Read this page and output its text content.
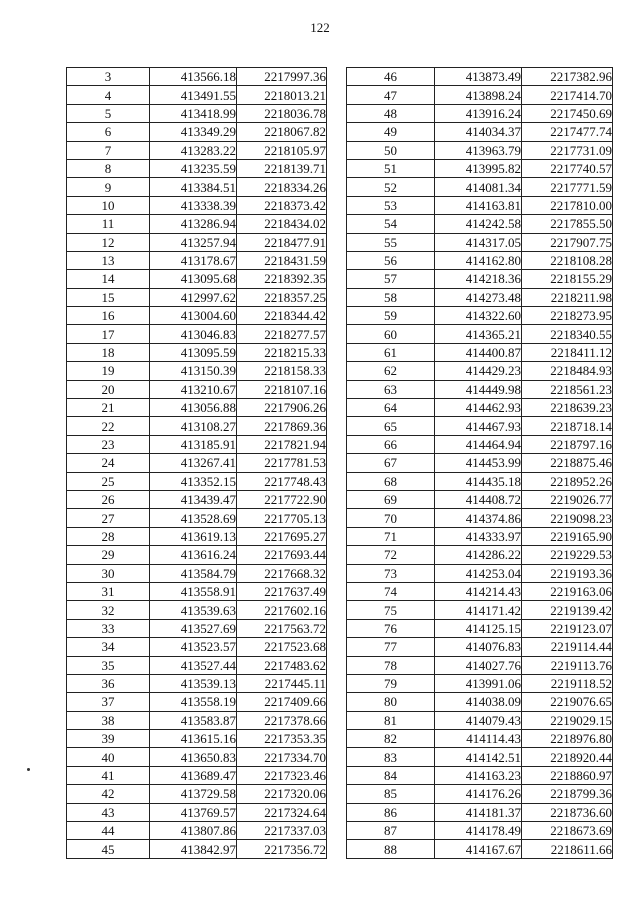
122
3	413566.18	2217997.36
4	413491.55	2218013.21
5	413418.99	2218036.78
6	413349.29	2218067.82
7	413283.22	2218105.97
8	413235.59	2218139.71
9	413384.51	2218334.26
10	413338.39	2218373.42
11	413286.94	2218434.02
12	413257.94	2218477.91
13	413178.67	2218431.59
14	413095.68	2218392.35
15	412997.62	2218357.25
16	413004.60	2218344.42
17	413046.83	2218277.57
18	413095.59	2218215.33
19	413150.39	2218158.33
20	413210.67	2218107.16
21	413056.88	2217906.26
22	413108.27	2217869.36
23	413185.91	2217821.94
24	413267.41	2217781.53
25	413352.15	2217748.43
26	413439.47	2217722.90
27	413528.69	2217705.13
28	413619.13	2217695.27
29	413616.24	2217693.44
30	413584.79	2217668.32
31	413558.91	2217637.49
32	413539.63	2217602.16
33	413527.69	2217563.72
34	413523.57	2217523.68
35	413527.44	2217483.62
36	413539.13	2217445.11
37	413558.19	2217409.66
38	413583.87	2217378.66
39	413615.16	2217353.35
40	413650.83	2217334.70
41	413689.47	2217323.46
42	413729.58	2217320.06
43	413769.57	2217324.64
44	413807.86	2217337.03
45	413842.97	2217356.72
46	413873.49	2217382.96
47	413898.24	2217414.70
48	413916.24	2217450.69
49	414034.37	2217477.74
50	413963.79	2217731.09
51	413995.82	2217740.57
52	414081.34	2217771.59
53	414163.81	2217810.00
54	414242.58	2217855.50
55	414317.05	2217907.75
56	414162.80	2218108.28
57	414218.36	2218155.29
58	414273.48	2218211.98
59	414322.60	2218273.95
60	414365.21	2218340.55
61	414400.87	2218411.12
62	414429.23	2218484.93
63	414449.98	2218561.23
64	414462.93	2218639.23
65	414467.93	2218718.14
66	414464.94	2218797.16
67	414453.99	2218875.46
68	414435.18	2218952.26
69	414408.72	2219026.77
70	414374.86	2219098.23
71	414333.97	2219165.90
72	414286.22	2219229.53
73	414253.04	2219193.36
74	414214.43	2219163.06
75	414171.42	2219139.42
76	414125.15	2219123.07
77	414076.83	2219114.44
78	414027.76	2219113.76
79	413991.06	2219118.52
80	414038.09	2219076.65
81	414079.43	2219029.15
82	414114.43	2218976.80
83	414142.51	2218920.44
84	414163.23	2218860.97
85	414176.26	2218799.36
86	414181.37	2218736.60
87	414178.49	2218673.69
88	414167.67	2218611.66
